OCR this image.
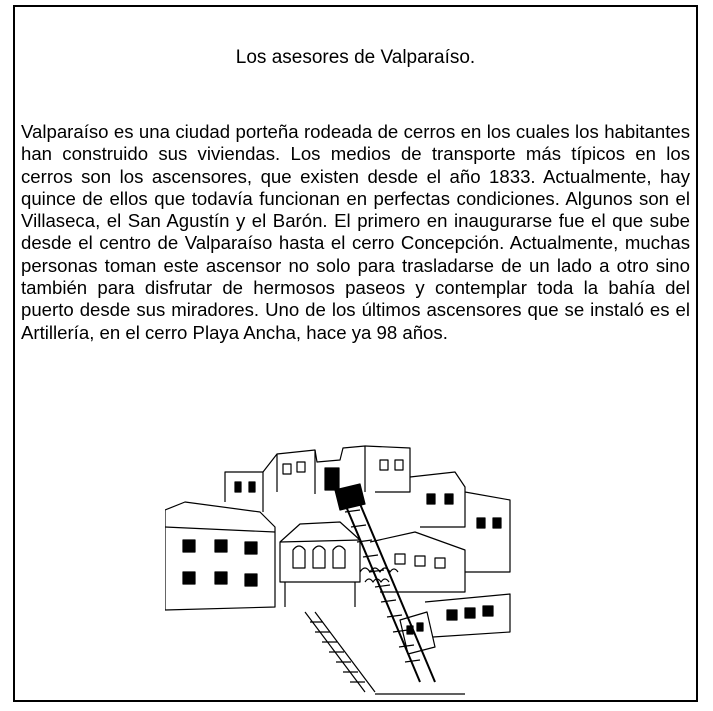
Los asesores de Valparaíso.
Valparaíso es una ciudad porteña rodeada de cerros en los cuales los habitantes han construido sus viviendas. Los medios de transporte más típicos en los cerros son los ascensores, que existen desde el año 1833. Actualmente, hay quince de ellos que todavía funcionan en perfectas condiciones. Algunos son el Villaseca, el San Agustín y el Barón. El primero en inaugurarse fue el que sube desde el centro de Valparaíso hasta el cerro Concepción. Actualmente, muchas personas toman este ascensor no solo para trasladarse de un lado a otro sino también para disfrutar de hermosos paseos y contemplar toda la bahía del puerto desde sus miradores. Uno de los últimos ascensores que se instaló es el Artillería, en el cerro Playa Ancha, hace ya 98 años.
